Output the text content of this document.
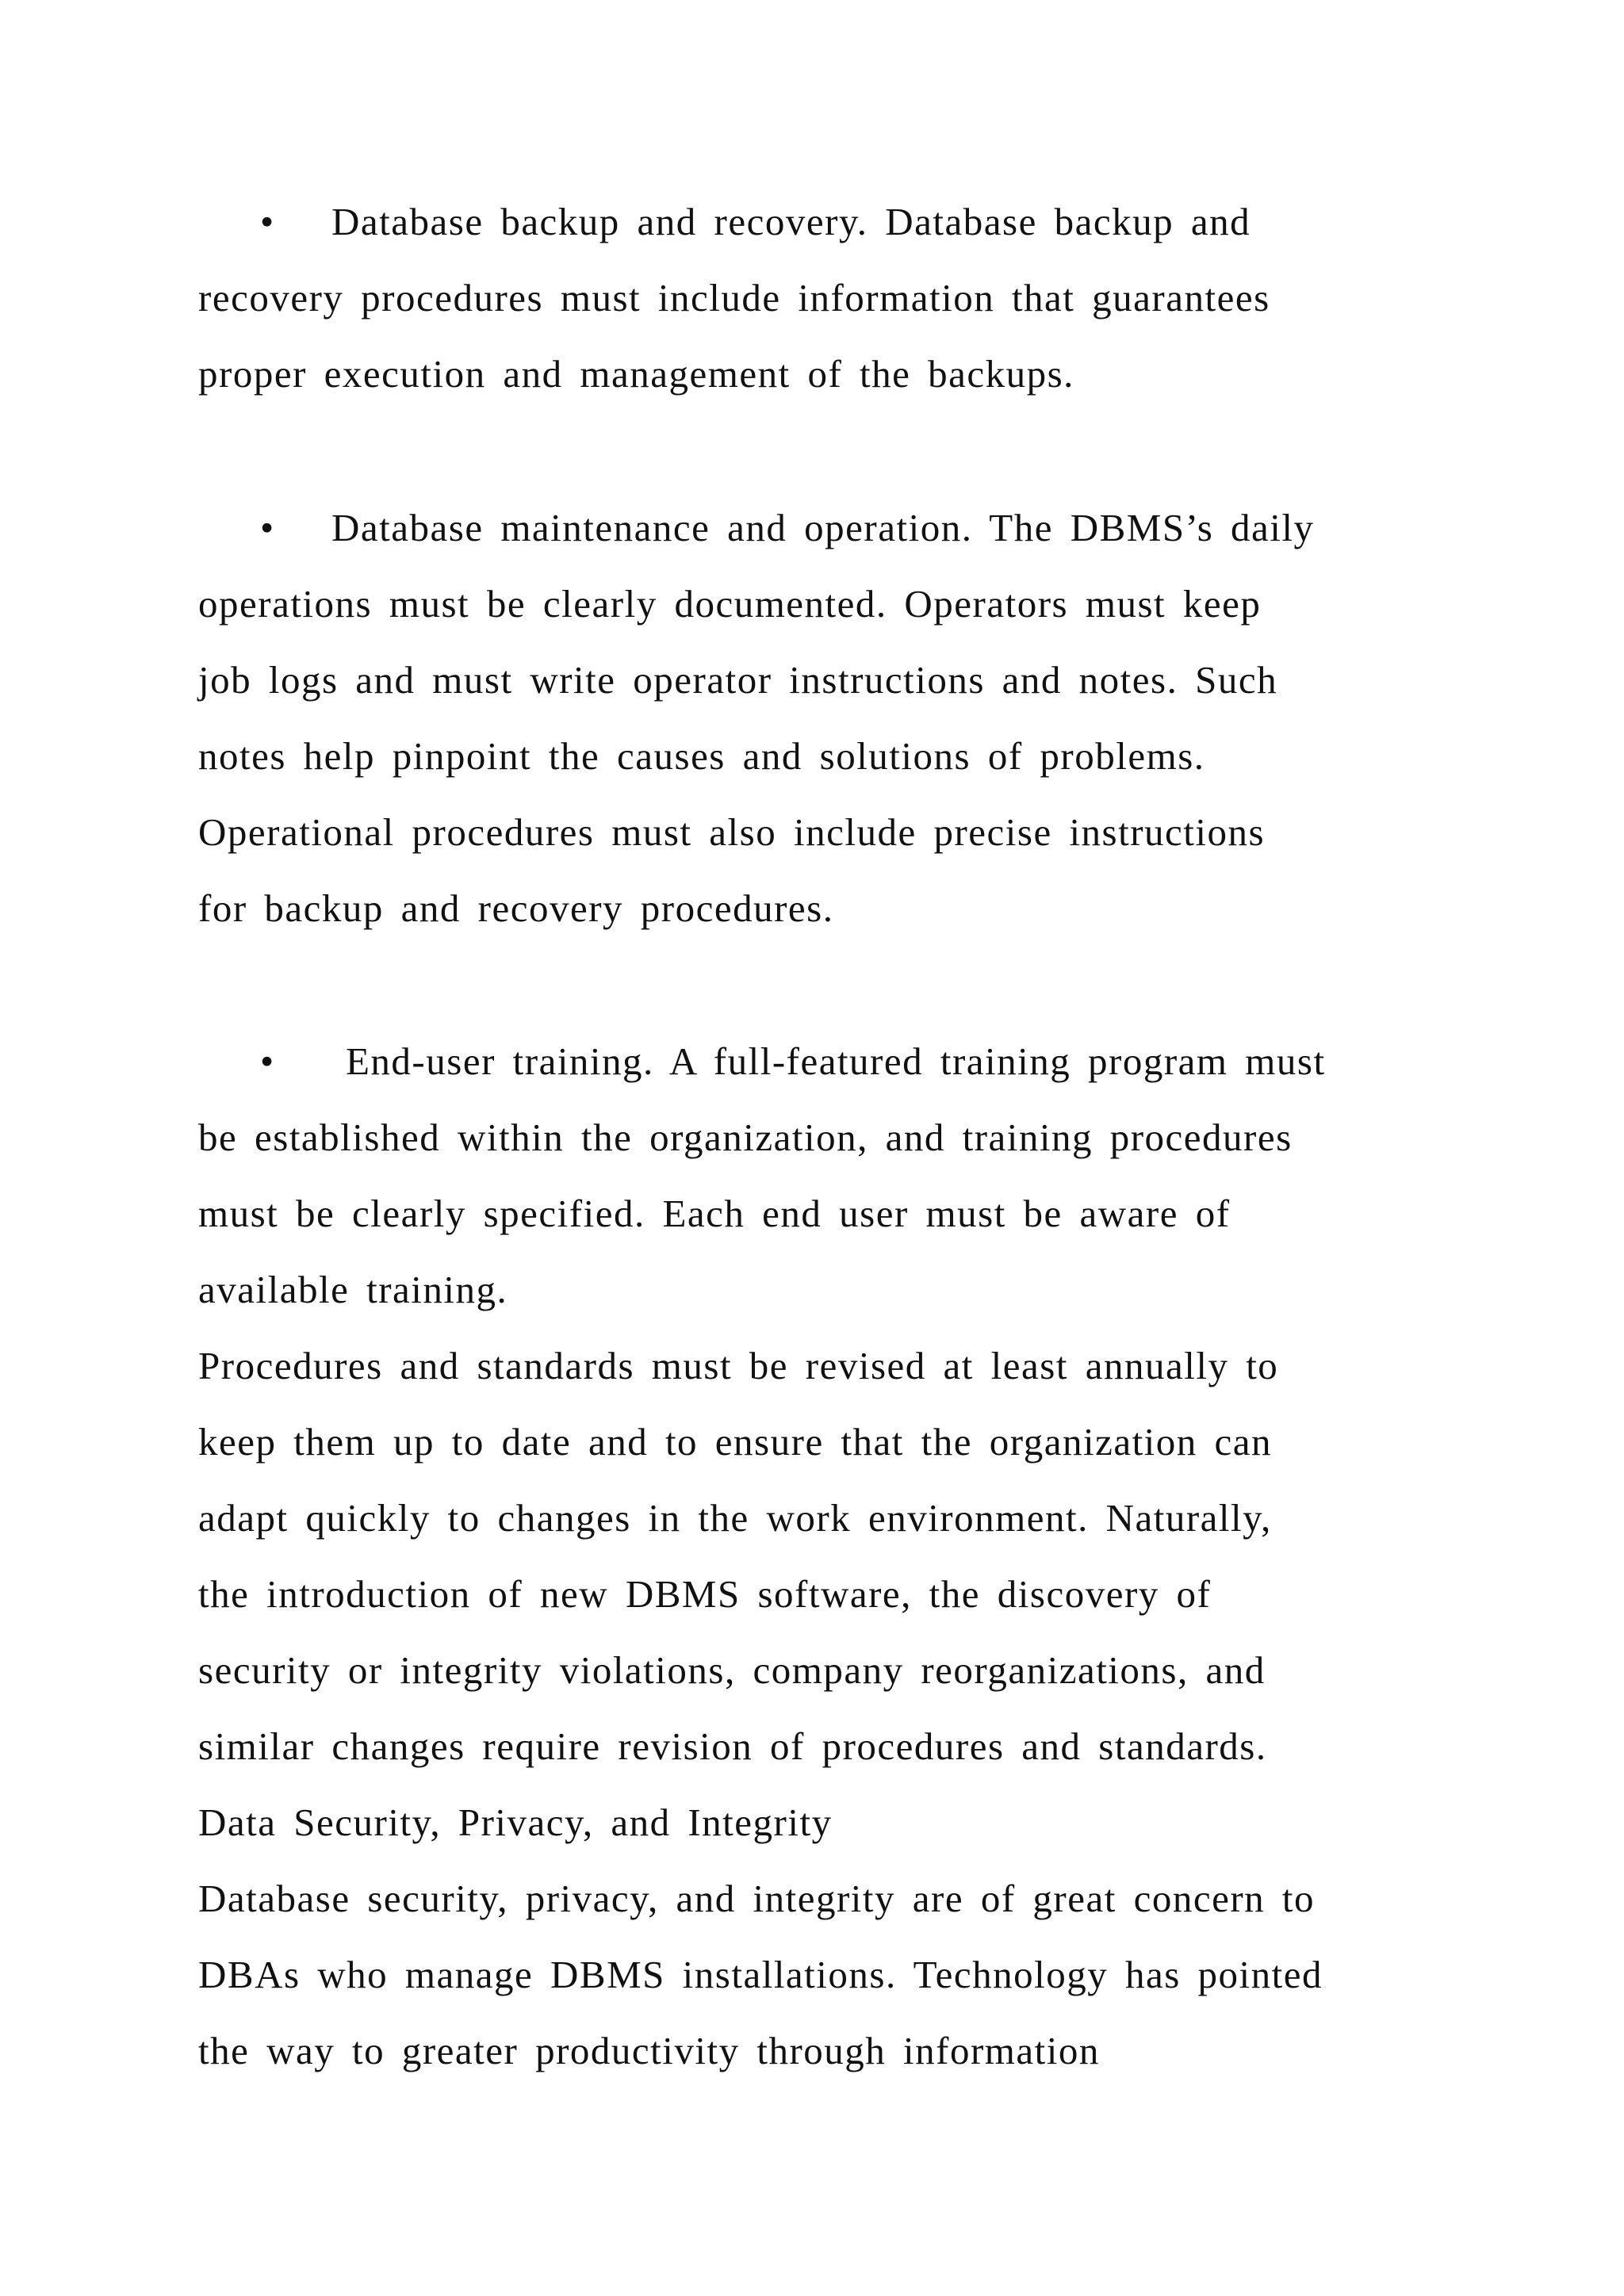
• Database backup and recovery. Database backup and
recovery procedures must include information that guarantees
proper execution and management of the backups.
• Database maintenance and operation. The DBMS’s daily
operations must be clearly documented. Operators must keep
job logs and must write operator instructions and notes. Such
notes help pinpoint the causes and solutions of problems.
Operational procedures must also include precise instructions
for backup and recovery procedures.
• End-user training. A full-featured training program must
be established within the organization, and training procedures
must be clearly specified. Each end user must be aware of
available training.
Procedures and standards must be revised at least annually to
keep them up to date and to ensure that the organization can
adapt quickly to changes in the work environment. Naturally,
the introduction of new DBMS software, the discovery of
security or integrity violations, company reorganizations, and
similar changes require revision of procedures and standards.
Data Security, Privacy, and Integrity
Database security, privacy, and integrity are of great concern to
DBAs who manage DBMS installations. Technology has pointed
the way to greater productivity through information
